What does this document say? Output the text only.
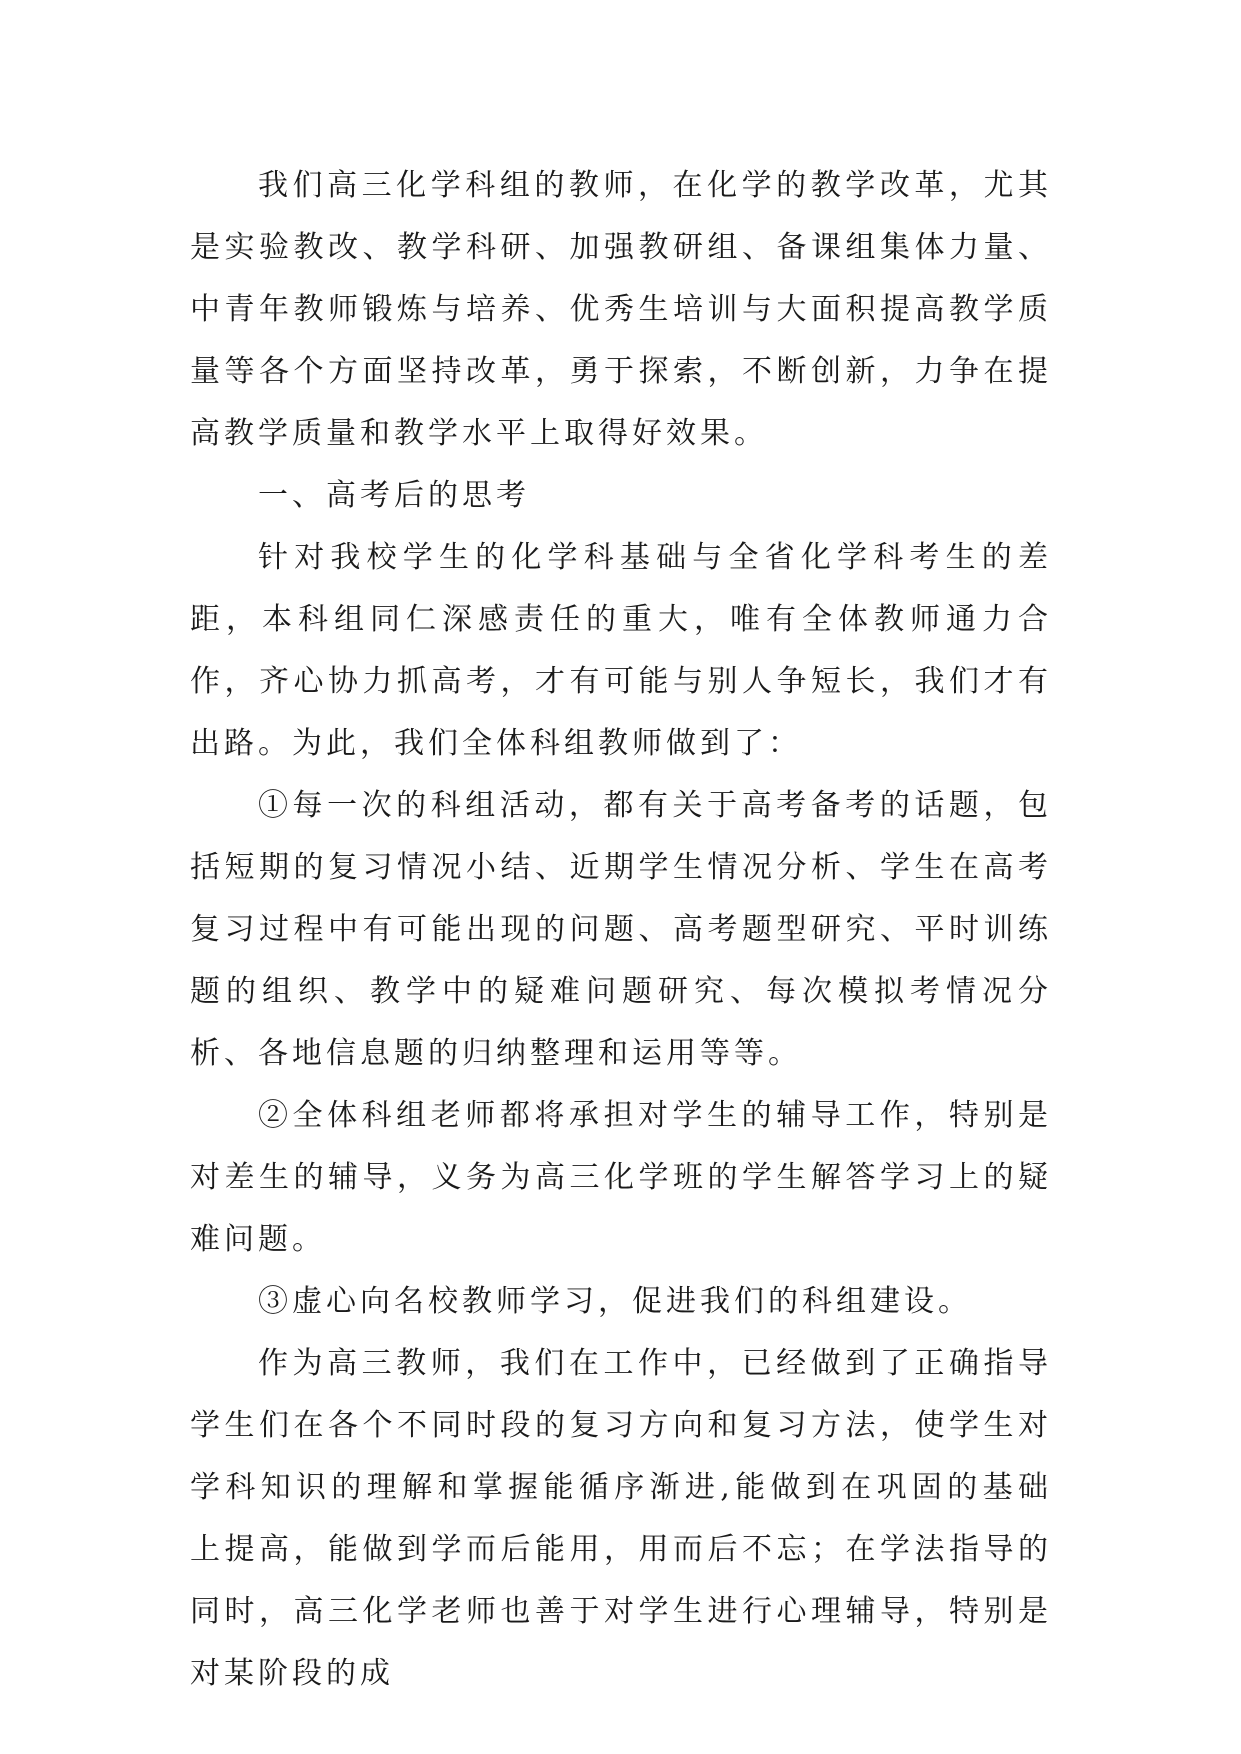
我们高三化学科组的教师，在化学的教学改革，尤其是实验教改、教学科研、加强教研组、备课组集体力量、中青年教师锻炼与培养、优秀生培训与大面积提高教学质量等各个方面坚持改革，勇于探索，不断创新，力争在提高教学质量和教学水平上取得好效果。

一、高考后的思考

针对我校学生的化学科基础与全省化学科考生的差距，本科组同仁深感责任的重大，唯有全体教师通力合作，齐心协力抓高考，才有可能与别人争短长，我们才有出路。为此，我们全体科组教师做到了：

①每一次的科组活动，都有关于高考备考的话题，包括短期的复习情况小结、近期学生情况分析、学生在高考复习过程中有可能出现的问题、高考题型研究、平时训练题的组织、教学中的疑难问题研究、每次模拟考情况分析、各地信息题的归纳整理和运用等等。

②全体科组老师都将承担对学生的辅导工作，特别是对差生的辅导，义务为高三化学班的学生解答学习上的疑难问题。

③虚心向名校教师学习，促进我们的科组建设。

作为高三教师，我们在工作中，已经做到了正确指导学生们在各个不同时段的复习方向和复习方法，使学生对学科知识的理解和掌握能循序渐进,能做到在巩固的基础上提高，能做到学而后能用，用而后不忘；在学法指导的同时，高三化学老师也善于对学生进行心理辅导，特别是对某阶段的成
